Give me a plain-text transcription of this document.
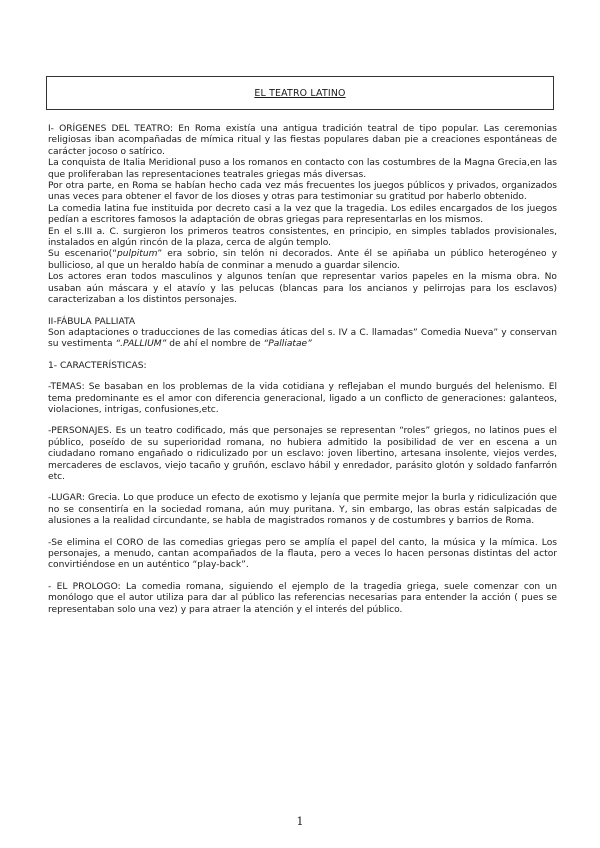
EL TEATRO LATINO

I- ORÍGENES DEL TEATRO: En Roma existía una antigua tradición teatral de tipo popular. Las ceremonias religiosas iban acompañadas de mímica ritual y las fiestas populares daban pie a creaciones espontáneas de carácter jocoso o satírico.

La conquista de Italia Meridional puso a los romanos en contacto con las costumbres de la Magna Grecia,en las que proliferaban las representaciones teatrales griegas más diversas.

Por otra parte, en Roma se habían hecho cada vez más frecuentes los juegos públicos y privados, organizados unas veces para obtener el favor de los dioses y otras para testimoniar su gratitud por haberlo obtenido.

La comedia latina fue instituida por decreto casi a la vez que la tragedia. Los ediles encargados de los juegos pedían a escritores famosos la adaptación de obras griegas para representarlas en los mismos.

En el s.III a. C. surgieron los primeros teatros consistentes, en principio, en simples tablados provisionales, instalados en algún rincón de la plaza, cerca de algún templo.

Su escenario(“pulpitum” era sobrio, sin telón ni decorados. Ante él se apiñaba un público heterogéneo y bullicioso, al que un heraldo había de conminar a menudo a guardar silencio.

Los actores eran todos masculinos y algunos tenían que representar varios papeles en la misma obra. No usaban aún máscara y el atavío y las pelucas (blancas para los ancianos y pelirrojas para los esclavos) caracterizaban a los distintos personajes.

II-FÁBULA PALLIATA

Son adaptaciones o traducciones de las comedias áticas del s. IV a C. llamadas” Comedia Nueva” y conservan su vestimenta “.PALLIUM” de ahí el nombre de “Palliatae”

1- CARACTERÍSTICAS:

-TEMAS: Se basaban en los problemas de la vida cotidiana y reflejaban el mundo burgués del helenismo. El tema predominante es el amor con diferencia generacional, ligado a un conflicto de generaciones: galanteos, violaciones, intrigas, confusiones,etc.

-PERSONAJES. Es un teatro codificado, más que personajes se representan “roles” griegos, no latinos pues el público, poseído de su superioridad romana, no hubiera admitido la posibilidad de ver en escena a un ciudadano romano engañado o ridiculizado por un esclavo: joven libertino, artesana insolente, viejos verdes, mercaderes de esclavos, viejo tacaño y gruñón, esclavo hábil y enredador, parásito glotón y soldado fanfarrón etc.

-LUGAR: Grecia. Lo que produce un efecto de exotismo y lejanía que permite mejor la burla y ridiculización que no se consentiría en la sociedad romana, aún muy puritana. Y, sin embargo, las obras están salpicadas de alusiones a la realidad circundante, se habla de magistrados romanos y de costumbres y barrios de Roma.

-Se elimina el CORO de las comedias griegas pero se amplía el papel del canto, la música y la mímica. Los personajes, a menudo, cantan acompañados de la flauta, pero a veces lo hacen personas distintas del actor convirtiéndose en un auténtico “play-back”.

- EL PROLOGO: La comedia romana, siguiendo el ejemplo de la tragedia griega, suele comenzar con un monólogo que el autor utiliza para dar al público las referencias necesarias para entender la acción ( pues se representaban solo una vez) y para atraer la atención y el interés del público.

1
